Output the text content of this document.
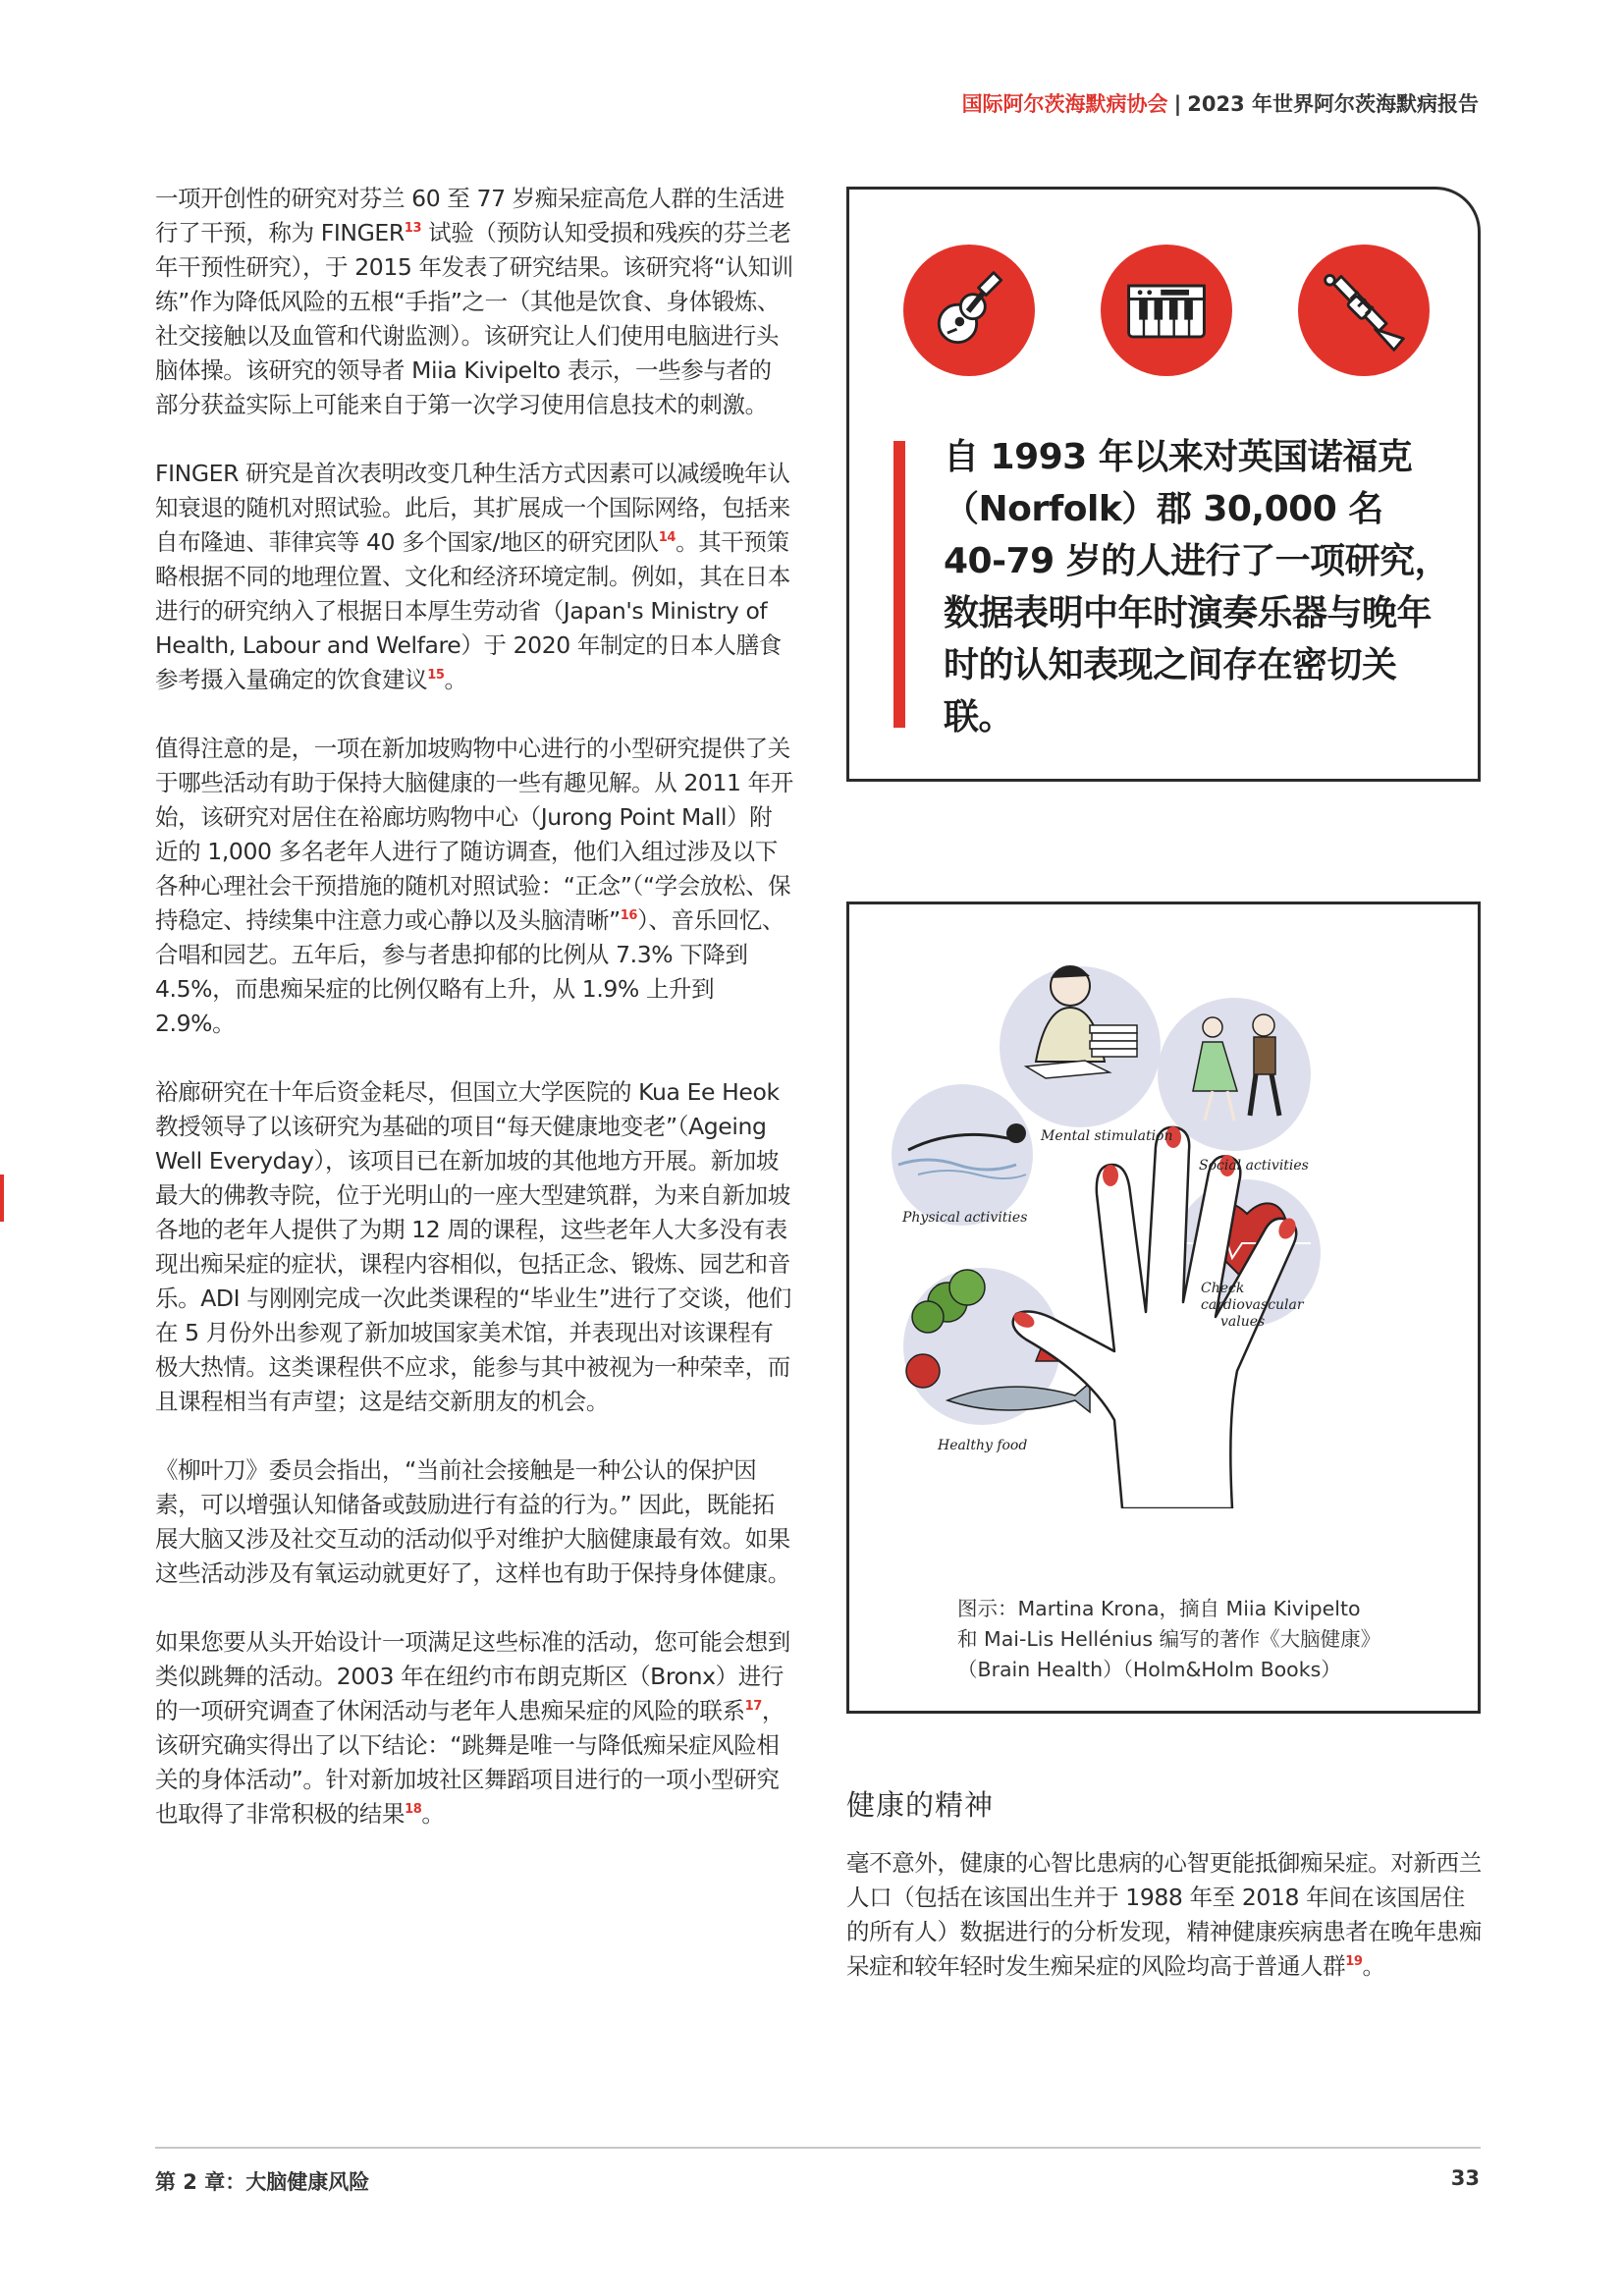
国际阿尔茨海默病协会 | 2023 年世界阿尔茨海默病报告

一项开创性的研究对芬兰 60 至 77 岁痴呆症高危人群的生活进行了干预，称为 FINGER$^{13}$ 试验（预防认知受损和残疾的芬兰老年干预性研究），于 2015 年发表了研究结果。该研究将“认知训练”作为降低风险的五根“手指”之一（其他是饮食、身体锻炼、社交接触以及血管和代谢监测）。该研究让人们使用电脑进行头脑体操。该研究的领导者 Miia Kivipelto 表示，一些参与者的部分获益实际上可能来自于第一次学习使用信息技术的刺激。

FINGER 研究是首次表明改变几种生活方式因素可以减缓晚年认知衰退的随机对照试验。此后，其扩展成一个国际网络，包括来自布隆迪、菲律宾等 40 多个国家/地区的研究团队$^{14}$。其干预策略根据不同的地理位置、文化和经济环境定制。例如，其在日本进行的研究纳入了根据日本厚生劳动省（Japan's Ministry of Health, Labour and Welfare）于 2020 年制定的日本人膳食参考摄入量确定的饮食建议$^{15}$。

值得注意的是，一项在新加坡购物中心进行的小型研究提供了关于哪些活动有助于保持大脑健康的一些有趣见解。从 2011 年开始，该研究对居住在裕廊坊购物中心（Jurong Point Mall）附近的 1,000 多名老年人进行了随访调查，他们入组过涉及以下各种心理社会干预措施的随机对照试验：“正念”（“学会放松、保持稳定、持续集中注意力或心静以及头脑清晰”$^{16}$）、音乐回忆、合唱和园艺。五年后，参与者患抑郁的比例从 7.3% 下降到 4.5%，而患痴呆症的比例仅略有上升，从 1.9% 上升到 2.9%。

裕廊研究在十年后资金耗尽，但国立大学医院的 Kua Ee Heok 教授领导了以该研究为基础的项目“每天健康地变老”（Ageing Well Everyday），该项目已在新加坡的其他地方开展。新加坡最大的佛教寺院，位于光明山的一座大型建筑群，为来自新加坡各地的老年人提供了为期 12 周的课程，这些老年人大多没有表现出痴呆症的症状，课程内容相似，包括正念、锻炼、园艺和音乐。ADI 与刚刚完成一次此类课程的“毕业生”进行了交谈，他们在 5 月份外出参观了新加坡国家美术馆，并表现出对该课程有极大热情。这类课程供不应求，能参与其中被视为一种荣幸，而且课程相当有声望；这是结交新朋友的机会。

《柳叶刀》委员会指出，“当前社会接触是一种公认的保护因素，可以增强认知储备或鼓励进行有益的行为。” 因此，既能拓展大脑又涉及社交互动的活动似乎对维护大脑健康最有效。如果这些活动涉及有氧运动就更好了，这样也有助于保持身体健康。

如果您要从头开始设计一项满足这些标准的活动，您可能会想到类似跳舞的活动。2003 年在纽约市布朗克斯区（Bronx）进行的一项研究调查了休闲活动与老年人患痴呆症的风险的联系$^{17}$，该研究确实得出了以下结论：“跳舞是唯一与降低痴呆症风险相关的身体活动”。针对新加坡社区舞蹈项目进行的一项小型研究也取得了非常积极的结果$^{18}$。

自 1993 年以来对英国诺福克（Norfolk）郡 30,000 名 40-79 岁的人进行了一项研究，数据表明中年时演奏乐器与晚年时的认知表现之间存在密切关联。
Mental stimulation
Social activities
Physical activities
Check
cardiovascular
values
Healthy food
图示：Martina Krona，摘自 Miia Kivipelto
和 Mai-Lis Hellénius 编写的著作《大脑健康》
（Brain Health）（Holm&Holm Books）
健康的精神

毫不意外，健康的心智比患病的心智更能抵御痴呆症。对新西兰人口（包括在该国出生并于 1988 年至 2018 年间在该国居住的所有人）数据进行的分析发现，精神健康疾病患者在晚年患痴呆症和较年轻时发生痴呆症的风险均高于普通人群$^{19}$。

第 2 章：大脑健康风险	33
